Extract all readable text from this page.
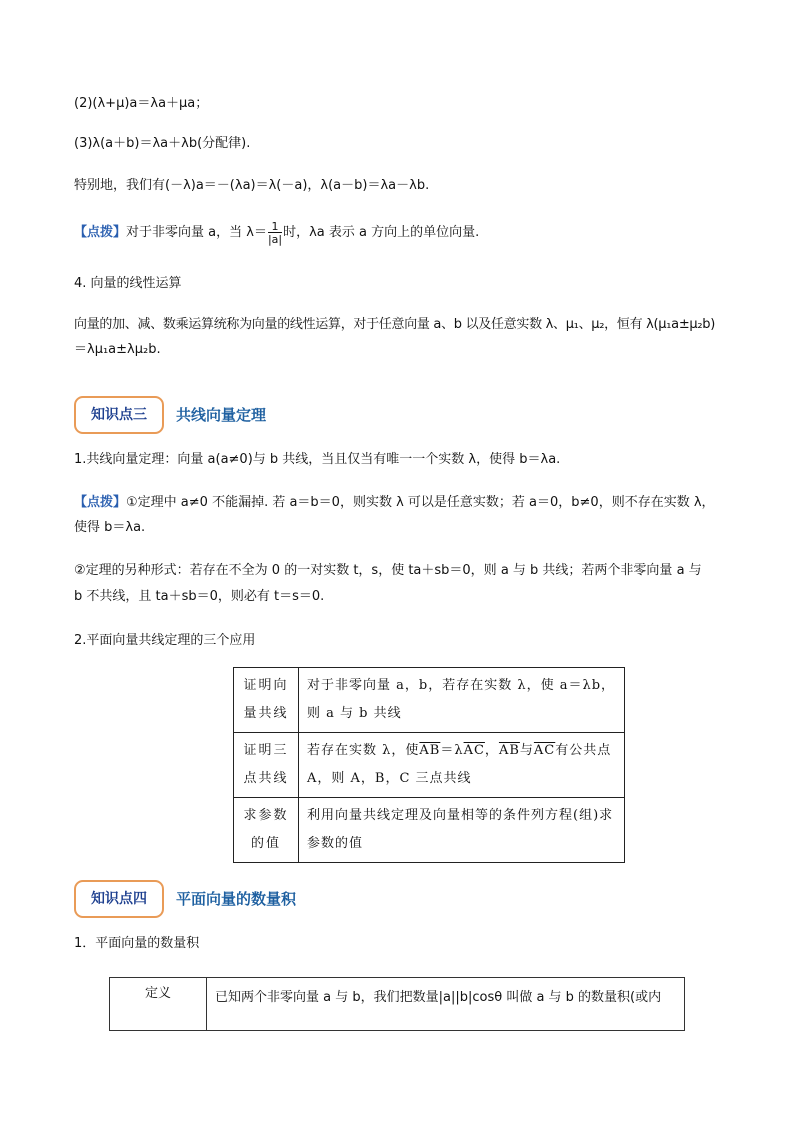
(2)(λ+μ)a＝λa＋μa；
(3)λ(a＋b)＝λa＋λb(分配律).
特别地，我们有(－λ)a＝－(λa)＝λ(－a)，λ(a－b)＝λa－λb.
【点拨】对于非零向量 a，当 $\lambda= \frac{1}{|a|}$ 时，λa 表示 a 方向上的单位向量.
4. 向量的线性运算
向量的加、减、数乘运算统称为向量的线性运算，对于任意向量 a、b 以及任意实数 λ、μ₁、μ₂，恒有 λ(μ₁a±μ₂b)
＝λμ₁a±λμ₂b.
知识点三 共线向量定理
1.共线向量定理：向量 a(a≠0)与 b 共线，当且仅当有唯一一个实数 λ，使得 b＝λa.
【点拨】①定理中 a≠0 不能漏掉. 若 a＝b＝0，则实数 λ 可以是任意实数；若 a＝0，b≠0，则不存在实数 λ，
使得 b＝λa.
②定理的另种形式：若存在不全为 0 的一对实数 t，s，使 ta＋sb＝0，则 a 与 b 共线；若两个非零向量 a 与
b 不共线，且 ta＋sb＝0，则必有 t＝s＝0.
2.平面向量共线定理的三个应用
证明向量共线	对于非零向量 a，b，若存在实数 λ，使 a＝λb，则 a 与 b 共线
证明三点共线	若存在实数 λ，使$\overline{AB}=\lambda\overline{AC}$，$\overline{AB}$与$\overline{AC}$有公共点 A，则 A，B，C 三点共线
求参数的值	利用向量共线定理及向量相等的条件列方程(组)求参数的值
知识点四 平面向量的数量积
1．平面向量的数量积
定义	已知两个非零向量 a 与 b，我们把数量|a||b|cosθ 叫做 a 与 b 的数量积(或内
